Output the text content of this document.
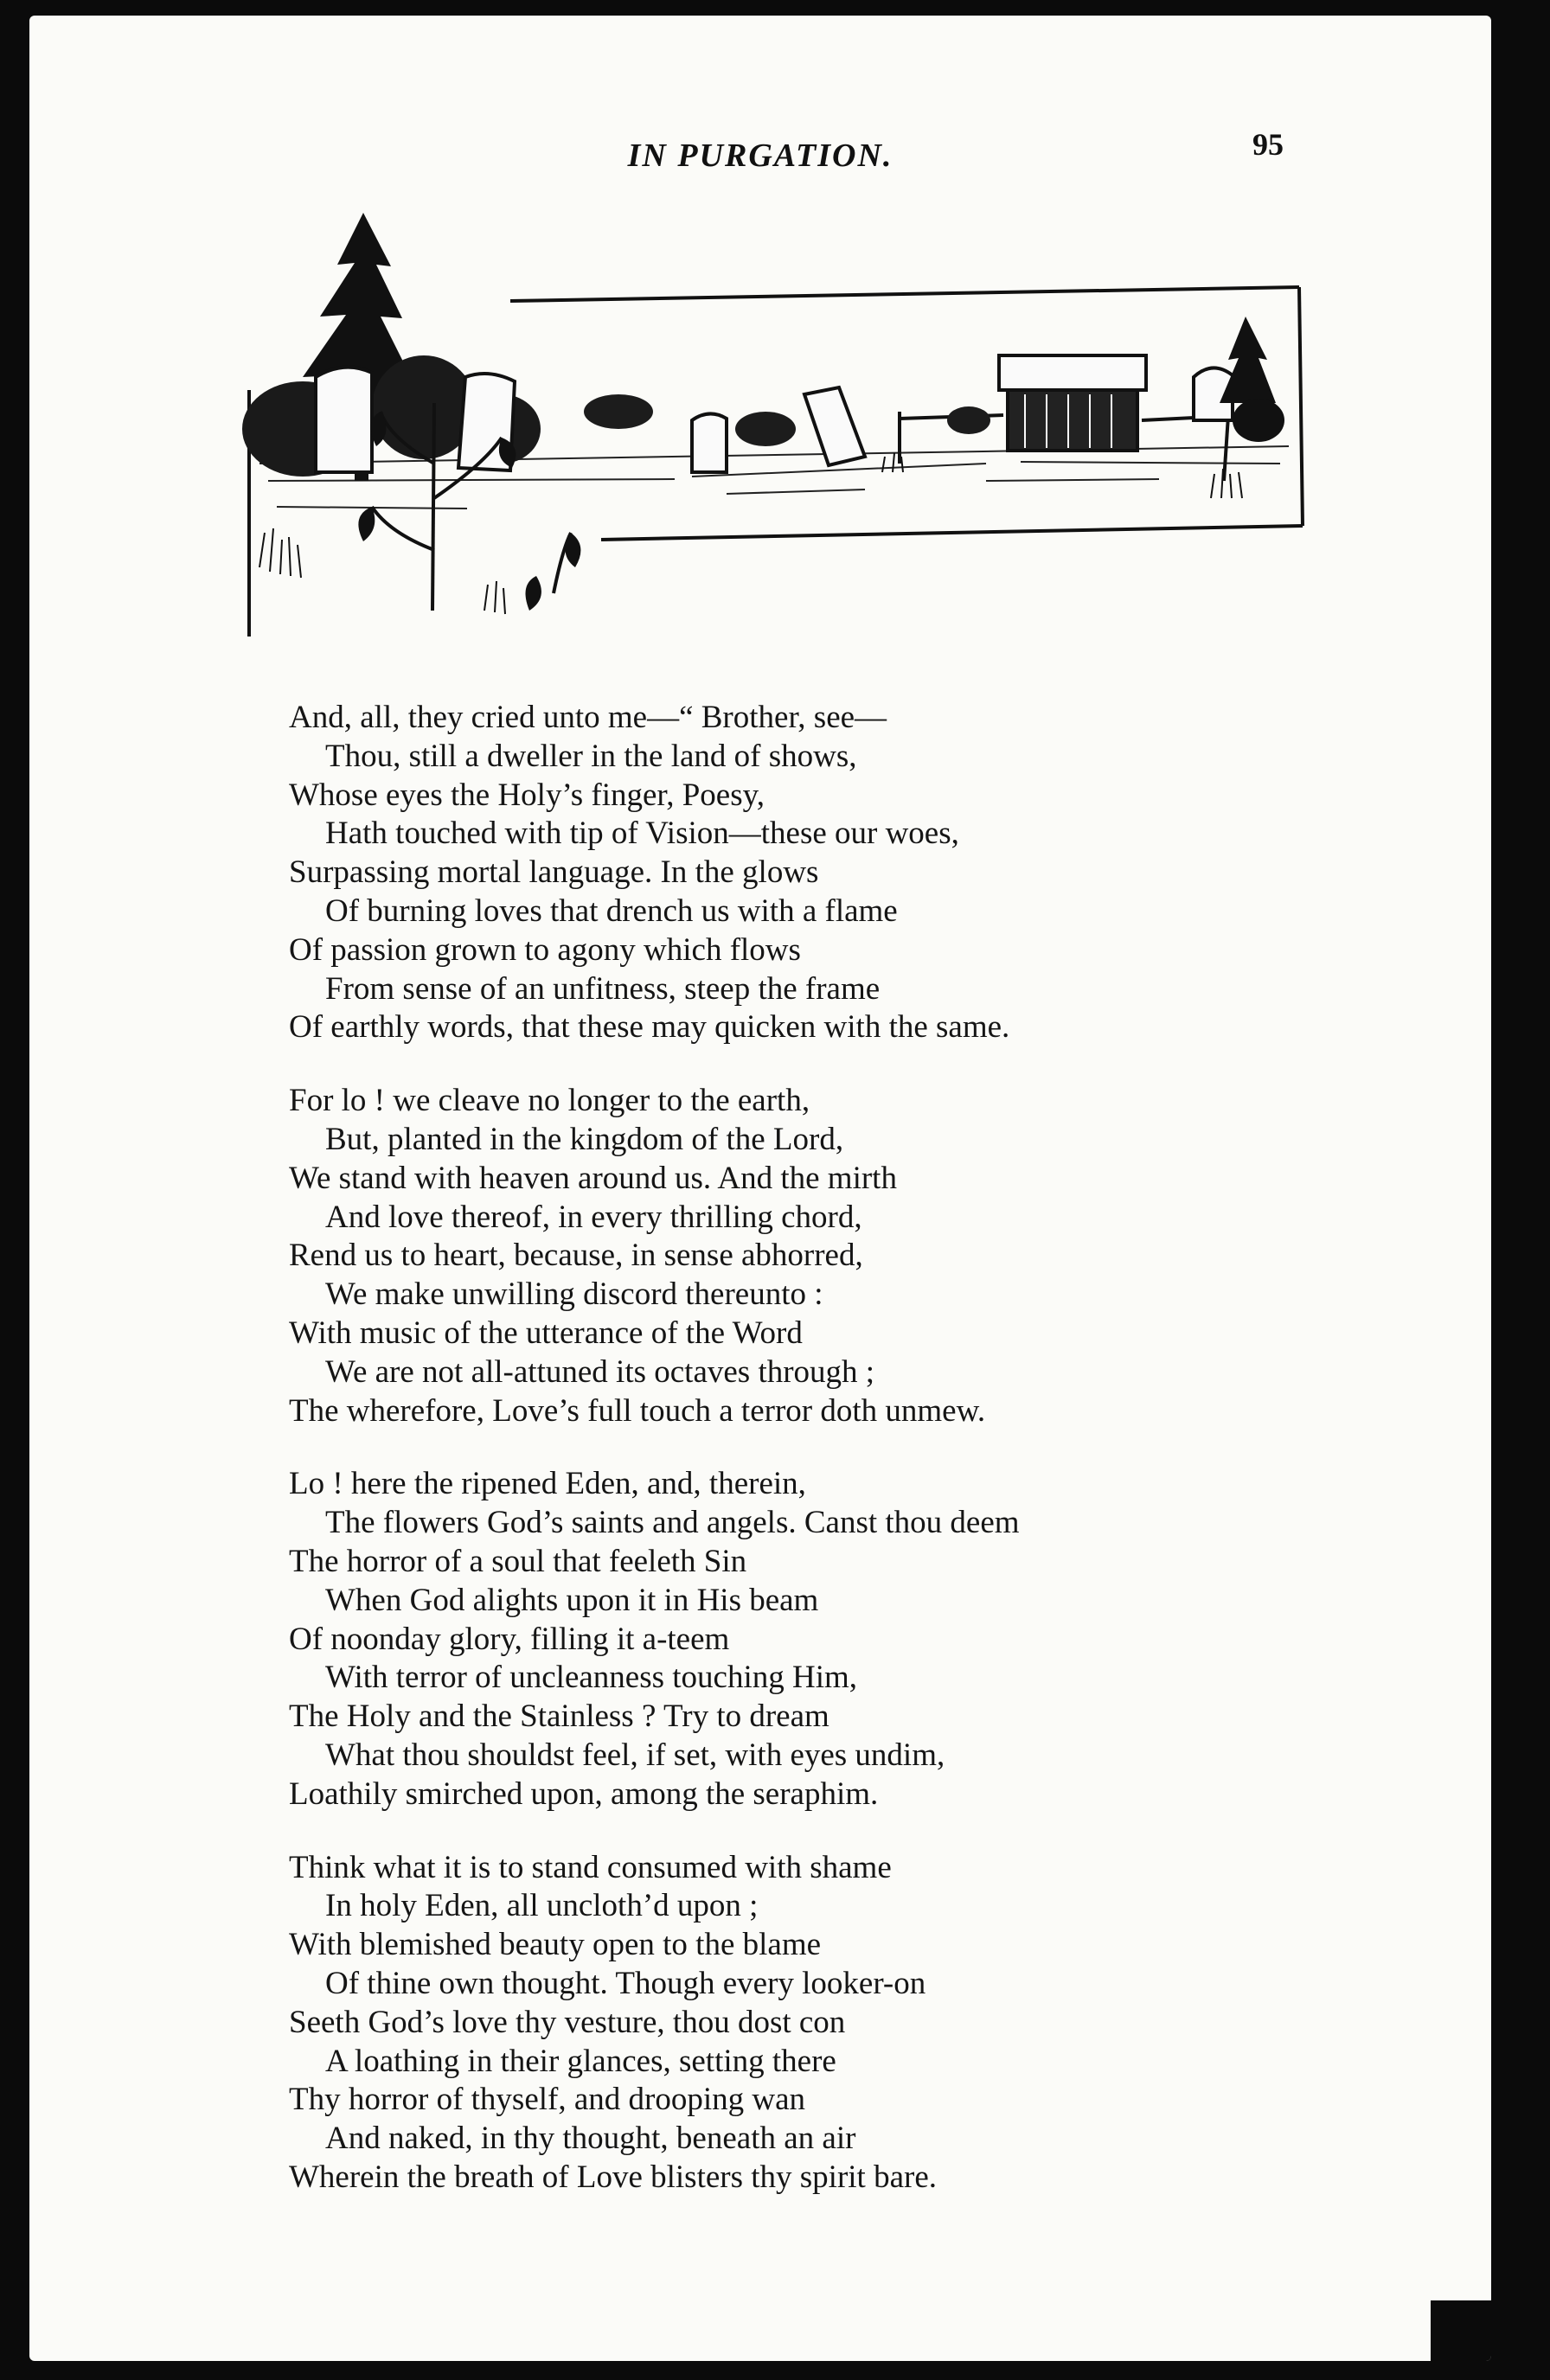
IN PURGATION.	95
And, all, they cried unto me—“ Brother, see—
Thou, still a dweller in the land of shows,
Whose eyes the Holy’s finger, Poesy,
Hath touched with tip of Vision—these our woes,
Surpassing mortal language. In the glows
Of burning loves that drench us with a flame
Of passion grown to agony which flows
From sense of an unfitness, steep the frame
Of earthly words, that these may quicken with the same.
For lo ! we cleave no longer to the earth,
But, planted in the kingdom of the Lord,
We stand with heaven around us. And the mirth
And love thereof, in every thrilling chord,
Rend us to heart, because, in sense abhorred,
We make unwilling discord thereunto :
With music of the utterance of the Word
We are not all-attuned its octaves through ;
The wherefore, Love’s full touch a terror doth unmew.
Lo ! here the ripened Eden, and, therein,
The flowers God’s saints and angels. Canst thou deem
The horror of a soul that feeleth Sin
When God alights upon it in His beam
Of noonday glory, filling it a-teem
With terror of uncleanness touching Him,
The Holy and the Stainless ? Try to dream
What thou shouldst feel, if set, with eyes undim,
Loathily smirched upon, among the seraphim.
Think what it is to stand consumed with shame
In holy Eden, all uncloth’d upon ;
With blemished beauty open to the blame
Of thine own thought. Though every looker-on
Seeth God’s love thy vesture, thou dost con
A loathing in their glances, setting there
Thy horror of thyself, and drooping wan
And naked, in thy thought, beneath an air
Wherein the breath of Love blisters thy spirit bare.
